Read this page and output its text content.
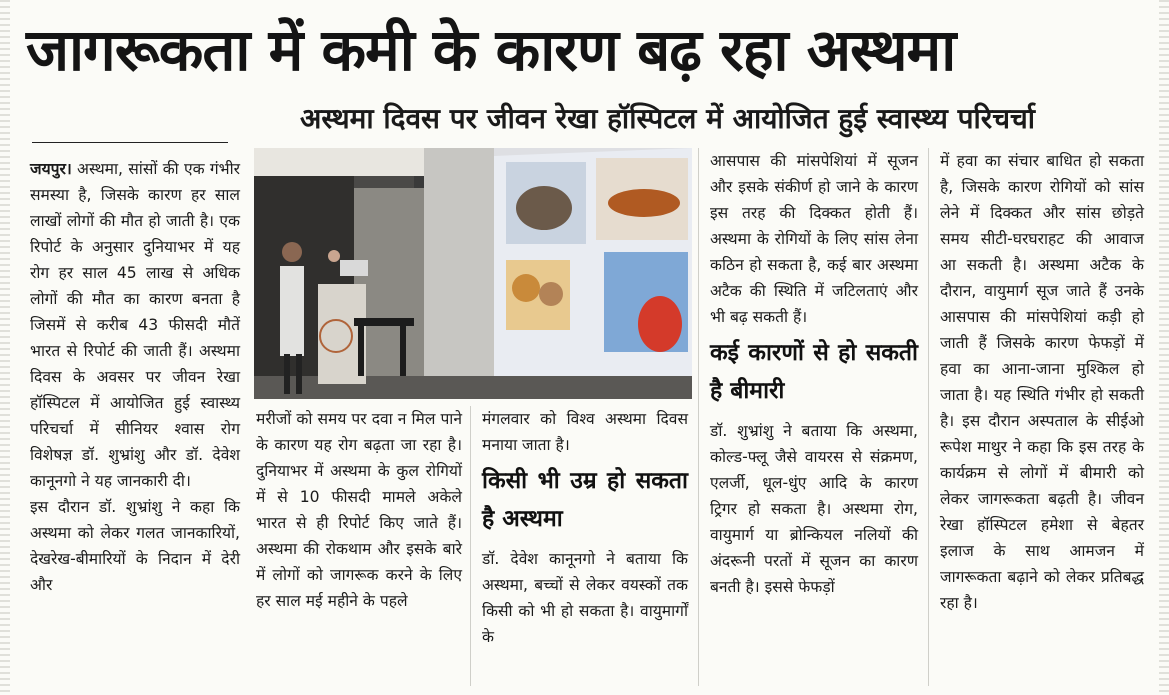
जागरूकता में कमी के कारण बढ़ रहा अस्थमा
अस्थमा दिवस पर जीवन रेखा हॉस्पिटल में आयोजित हुई स्वास्थ्य परिचर्चा

जयपुर। अस्थमा, सांसों की एक गंभीर समस्या है, जिसके कारण हर साल लाखों लोगों की मौत हो जाती है। एक रिपोर्ट के अनुसार दुनियाभर में यह रोग हर साल 45 लाख से अधिक लोगों की मौत का कारण बनता है जिसमें से करीब 43 फीसदी मौतें भारत से रिपोर्ट की जाती हैं। अस्थमा दिवस के अवसर पर जीवन रेखा हॉस्पिटल में आयोजित हुई स्वास्थ्य परिचर्चा में सीनियर श्वास रोग विशेषज्ञ डॉ. शुभ्रांशु और डॉ. देवेश कानूनगो ने यह जानकारी दी।

इस दौरान डॉ. शुभ्रांशु ने कहा कि अस्थमा को लेकर गलत जानकारियों, देखरेख-बीमारियों के निदान में देरी और

मरीजों को समय पर दवा न मिल पाने के कारण यह रोग बढ़ता जा रहा है। दुनियाभर में अस्थमा के कुल रोगियों में से 10 फीसदी मामले अकेले भारत से ही रिपोर्ट किए जाते हैं। अस्थमा की रोकथाम और इसके बारे में लोगों को जागरूक करने के लिए हर साल मई महीने के पहले

मंगलवार को विश्व अस्थमा दिवस मनाया जाता है।

किसी भी उम्र हो सकता है अस्थमा

डॉ. देवेश कानूनगो ने बताया कि अस्थमा, बच्चों से लेकर वयस्कों तक किसी को भी हो सकता है। वायुमार्गों के

आसपास की मांसपेशियां में सूजन और इसके संकीर्ण हो जाने के कारण इस तरह की दिक्कत होती हैं। अस्थमा के रोगियों के लिए सांस लेना कठिन हो सकता है, कई बार अस्थमा अटैक की स्थिति में जटिलताएं और भी बढ़ सकती हैं।

कई कारणों से हो सकती है बीमारी

डॉ. शुभ्रांशु ने बताया कि अस्थमा, कोल्ड-फ्लू जैसे वायरस से संक्रमण, एलर्जी, धूल-धुंए आदि के कारण ट्रिगर हो सकता है। अस्थमा रोग, वायुमार्ग या ब्रोन्कियल नलियों की अंदरूनी परतों में सूजन का कारण बनती है। इससे फेफड़ों

में हवा का संचार बाधित हो सकता है, जिसके कारण रोगियों को सांस लेने में दिक्कत और सांस छोड़ते समय सीटी-घरघराहट की आवाज आ सकती है। अस्थमा अटैक के दौरान, वायुमार्ग सूज जाते हैं उनके आसपास की मांसपेशियां कड़ी हो जाती हैं जिसके कारण फेफड़ों में हवा का आना-जाना मुश्किल हो जाता है। यह स्थिति गंभीर हो सकती है। इस दौरान अस्पताल के सीईओ रूपेश माथुर ने कहा कि इस तरह के कार्यक्रम से लोगों में बीमारी को लेकर जागरूकता बढ़ती है। जीवन रेखा हॉस्पिटल हमेशा से बेहतर इलाज के साथ आमजन में जागरूकता बढ़ाने को लेकर प्रतिबद्ध रहा है।
